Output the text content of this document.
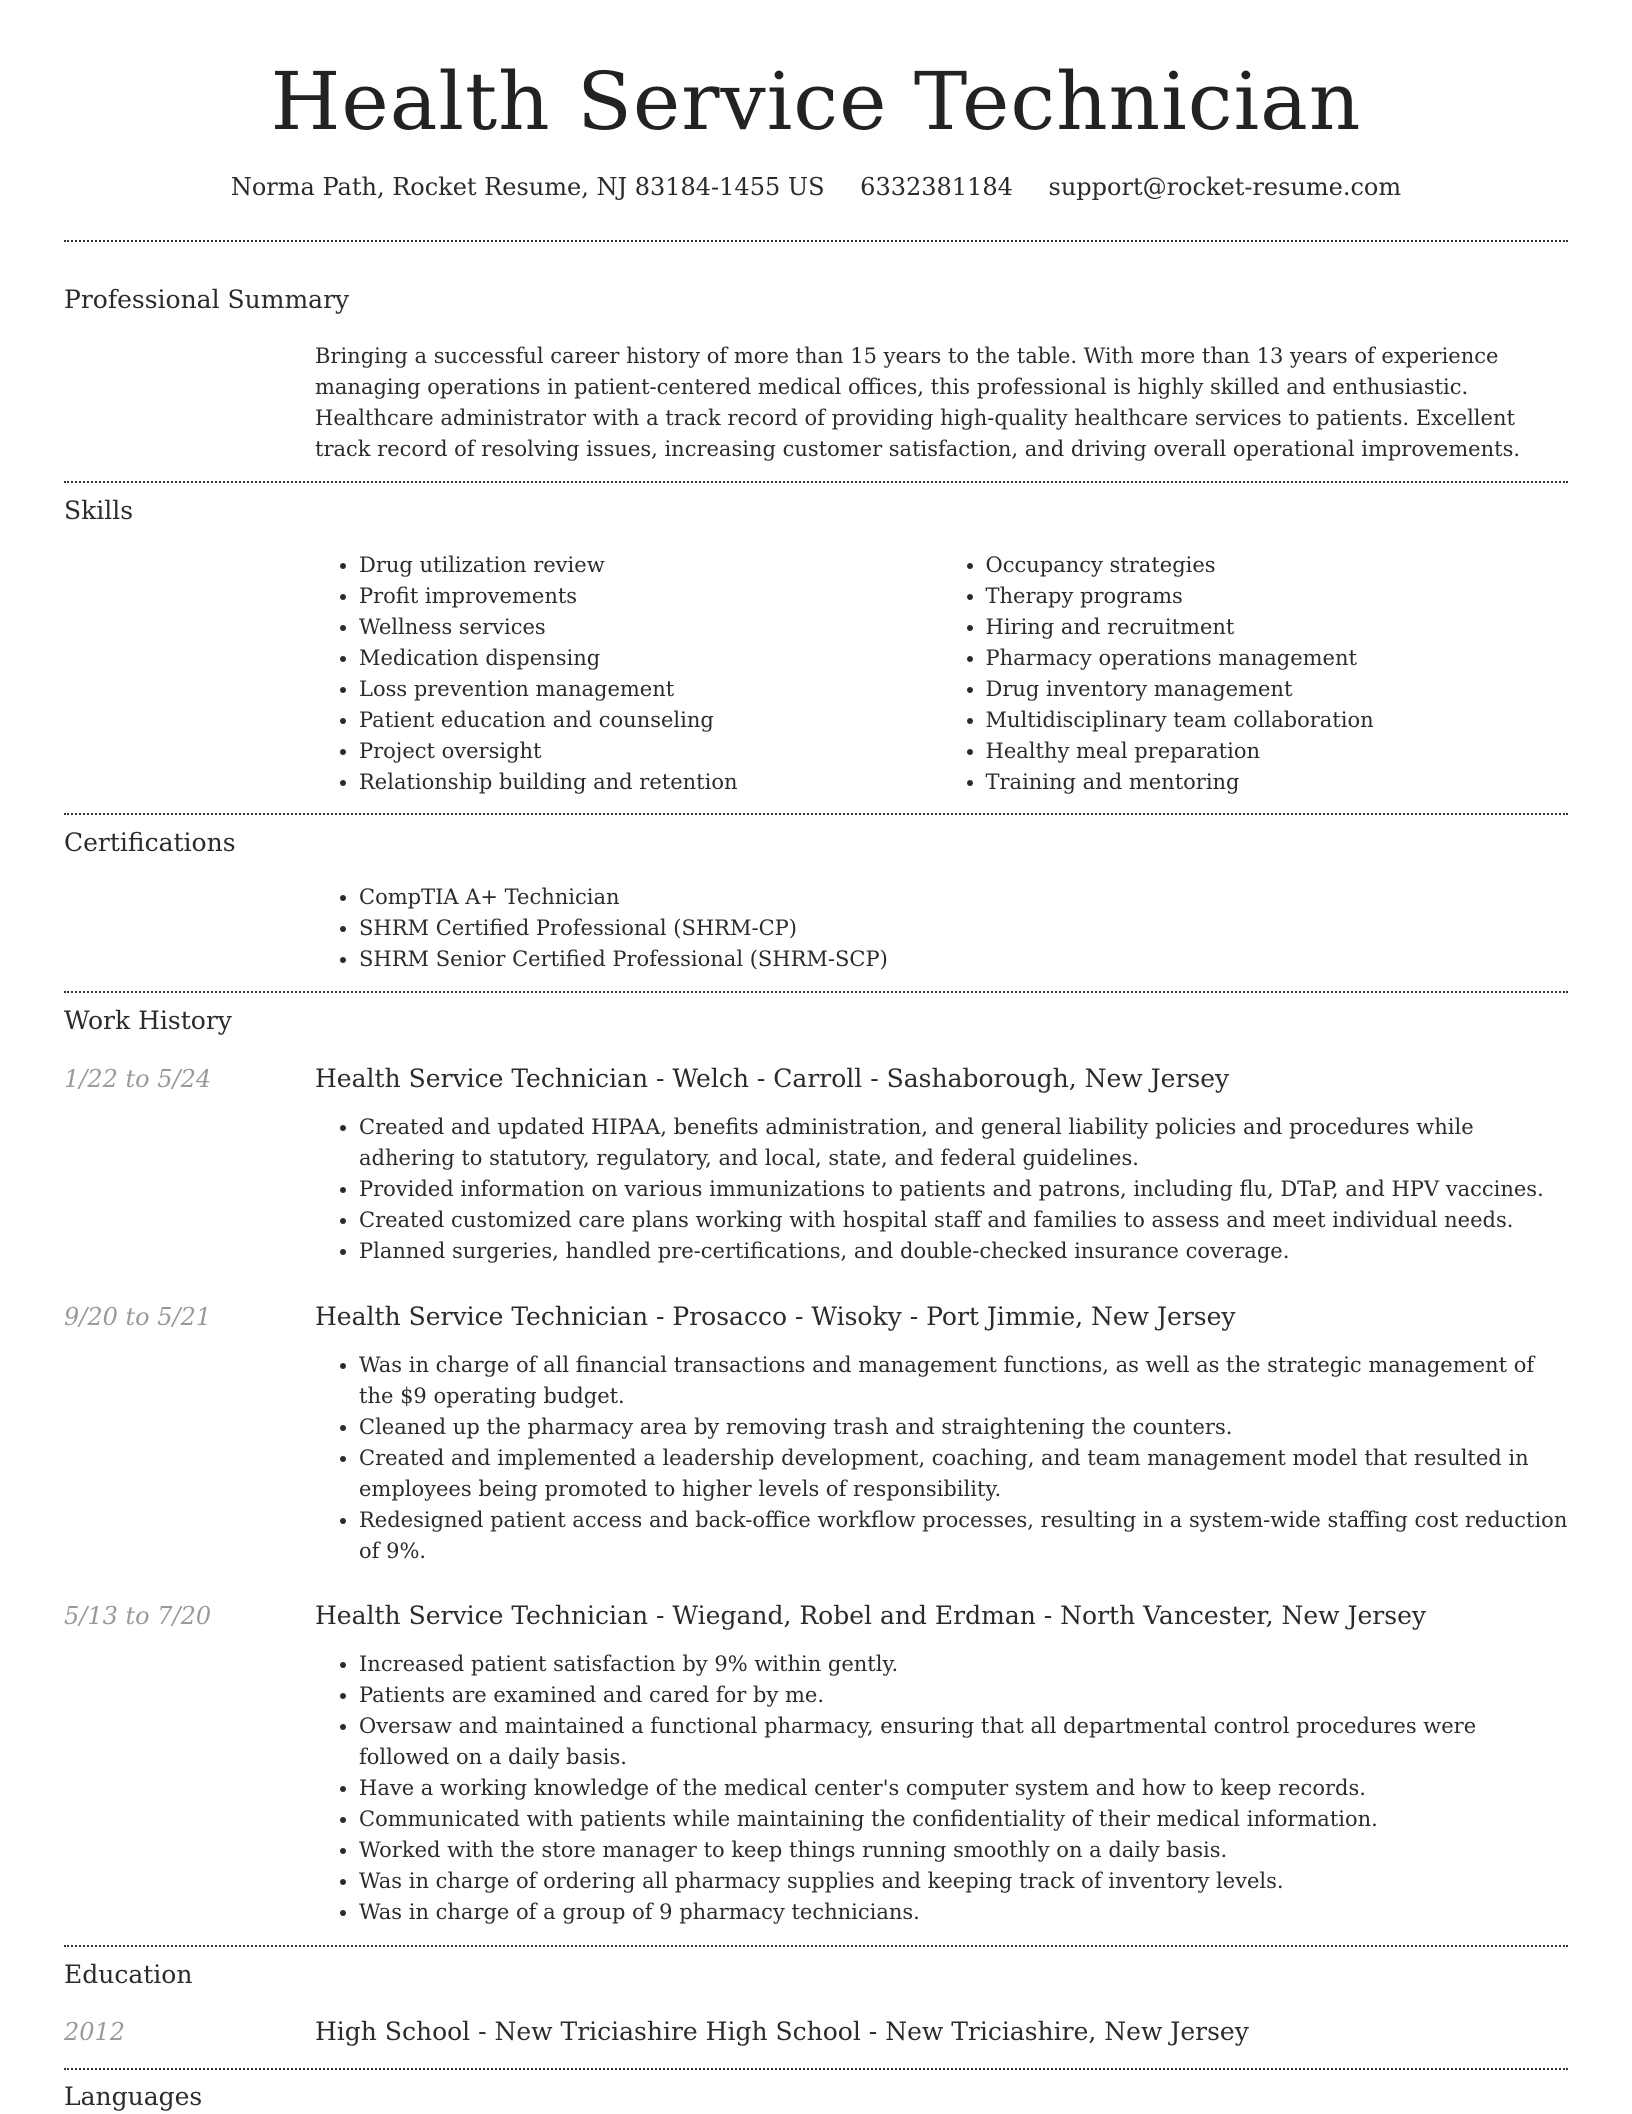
Health Service Technician
Norma Path, Rocket Resume, NJ 83184-1455 US 6332381184 support@rocket-resume.com
Professional Summary

Bringing a successful career history of more than 15 years to the table. With more than 13 years of experience managing operations in patient-centered medical offices, this professional is highly skilled and enthusiastic. Healthcare administrator with a track record of providing high-quality healthcare services to patients. Excellent track record of resolving issues, increasing customer satisfaction, and driving overall operational improvements.

Skills
• Drug utilization review
• Profit improvements
• Wellness services
• Medication dispensing
• Loss prevention management
• Patient education and counseling
• Project oversight
• Relationship building and retention
• Occupancy strategies
• Therapy programs
• Hiring and recruitment
• Pharmacy operations management
• Drug inventory management
• Multidisciplinary team collaboration
• Healthy meal preparation
• Training and mentoring
Certifications
• CompTIA A+ Technician
• SHRM Certified Professional (SHRM-CP)
• SHRM Senior Certified Professional (SHRM-SCP)
Work History
1/22 to 5/24	Health Service Technician - Welch - Carroll - Sashaborough, New Jersey
• Created and updated HIPAA, benefits administration, and general liability policies and procedures while adhering to statutory, regulatory, and local, state, and federal guidelines.
• Provided information on various immunizations to patients and patrons, including flu, DTaP, and HPV vaccines.
• Created customized care plans working with hospital staff and families to assess and meet individual needs.
• Planned surgeries, handled pre-certifications, and double-checked insurance coverage.
9/20 to 5/21	Health Service Technician - Prosacco - Wisoky - Port Jimmie, New Jersey
• Was in charge of all financial transactions and management functions, as well as the strategic management of the $9 operating budget.
• Cleaned up the pharmacy area by removing trash and straightening the counters.
• Created and implemented a leadership development, coaching, and team management model that resulted in employees being promoted to higher levels of responsibility.
• Redesigned patient access and back-office workflow processes, resulting in a system-wide staffing cost reduction of 9%.
5/13 to 7/20	Health Service Technician - Wiegand, Robel and Erdman - North Vancester, New Jersey
• Increased patient satisfaction by 9% within gently.
• Patients are examined and cared for by me.
• Oversaw and maintained a functional pharmacy, ensuring that all departmental control procedures were followed on a daily basis.
• Have a working knowledge of the medical center's computer system and how to keep records.
• Communicated with patients while maintaining the confidentiality of their medical information.
• Worked with the store manager to keep things running smoothly on a daily basis.
• Was in charge of ordering all pharmacy supplies and keeping track of inventory levels.
• Was in charge of a group of 9 pharmacy technicians.
Education
2012	High School - New Triciashire High School - New Triciashire, New Jersey
Languages
